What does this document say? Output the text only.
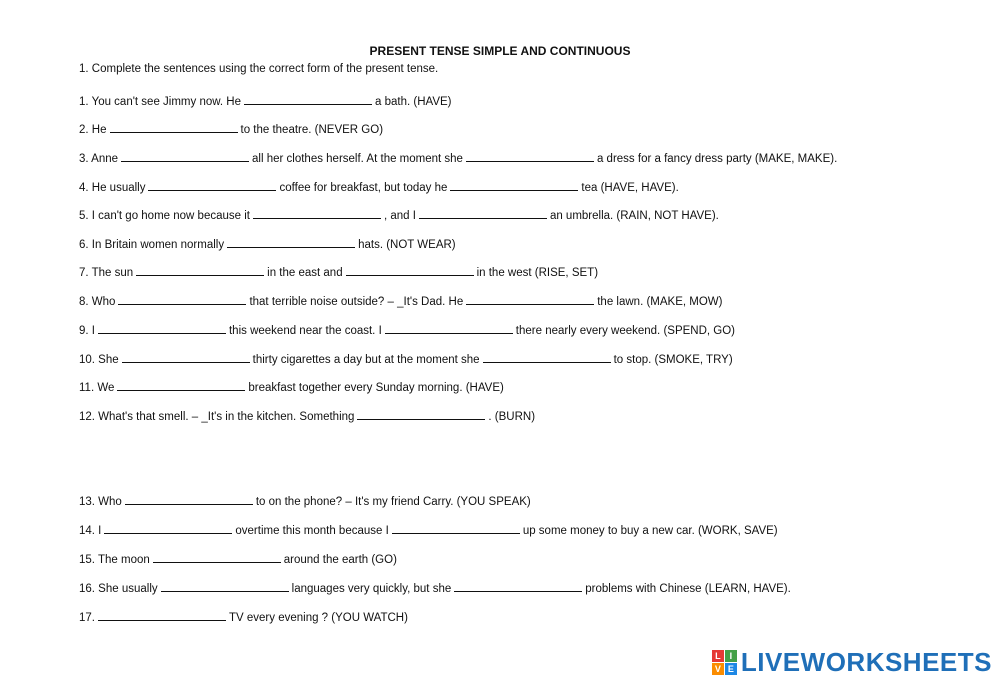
PRESENT TENSE SIMPLE AND CONTINUOUS
1. Complete the sentences using the correct form of the present tense.
1. You can't see Jimmy now. He	a bath. (HAVE)
2. He	to the theatre. (NEVER GO)
3. Anne	all her clothes herself. At the moment she	a dress for a fancy dress party (MAKE, MAKE).
4. He usually	coffee for breakfast, but today he	tea (HAVE, HAVE).
5. I can't go home now because it	, and I	an umbrella. (RAIN, NOT HAVE).
6. In Britain women normally	hats. (NOT WEAR)
7. The sun	in the east and	in the west (RISE, SET)
8. Who	that terrible noise outside? – _It's Dad. He	the lawn. (MAKE, MOW)
9. I	this weekend near the coast. I	there nearly every weekend. (SPEND, GO)
10. She	thirty cigarettes a day but at the moment she	to stop. (SMOKE, TRY)
11. We	breakfast together every Sunday morning. (HAVE)
12. What's that smell. – _It's in the kitchen. Something	. (BURN)
13. Who	to on the phone? – It's my friend Carry. (YOU SPEAK)
14. I	overtime this month because I	up some money to buy a new car. (WORK, SAVE)
15. The moon	around the earth (GO)
16. She usually	languages very quickly, but she	problems with Chinese (LEARN, HAVE).
17.	TV every evening ? (YOU WATCH)
L I
V E LIVEWORKSHEETS
